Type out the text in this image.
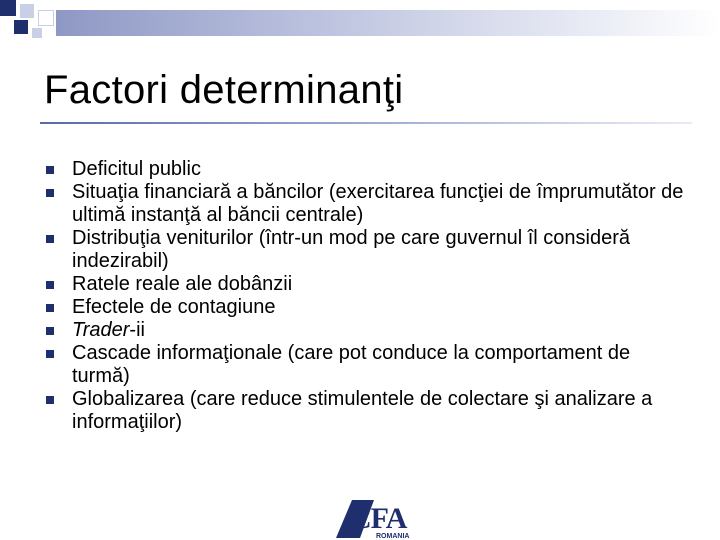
Factori determinanţi
Deficitul public
Situaţia financiară a băncilor (exercitarea funcţiei de împrumutător de ultimă instanţă al băncii centrale)
Distribuţia veniturilor (într-un mod pe care guvernul îl consideră indezirabil)
Ratele reale ale dobânzii
Efectele de contagiune
Trader-ii
Cascade informaţionale (care pot conduce la comportament de turmă)
Globalizarea (care reduce stimulentele de colectare şi analizare a informaţiilor)
CFA
ROMANIA
